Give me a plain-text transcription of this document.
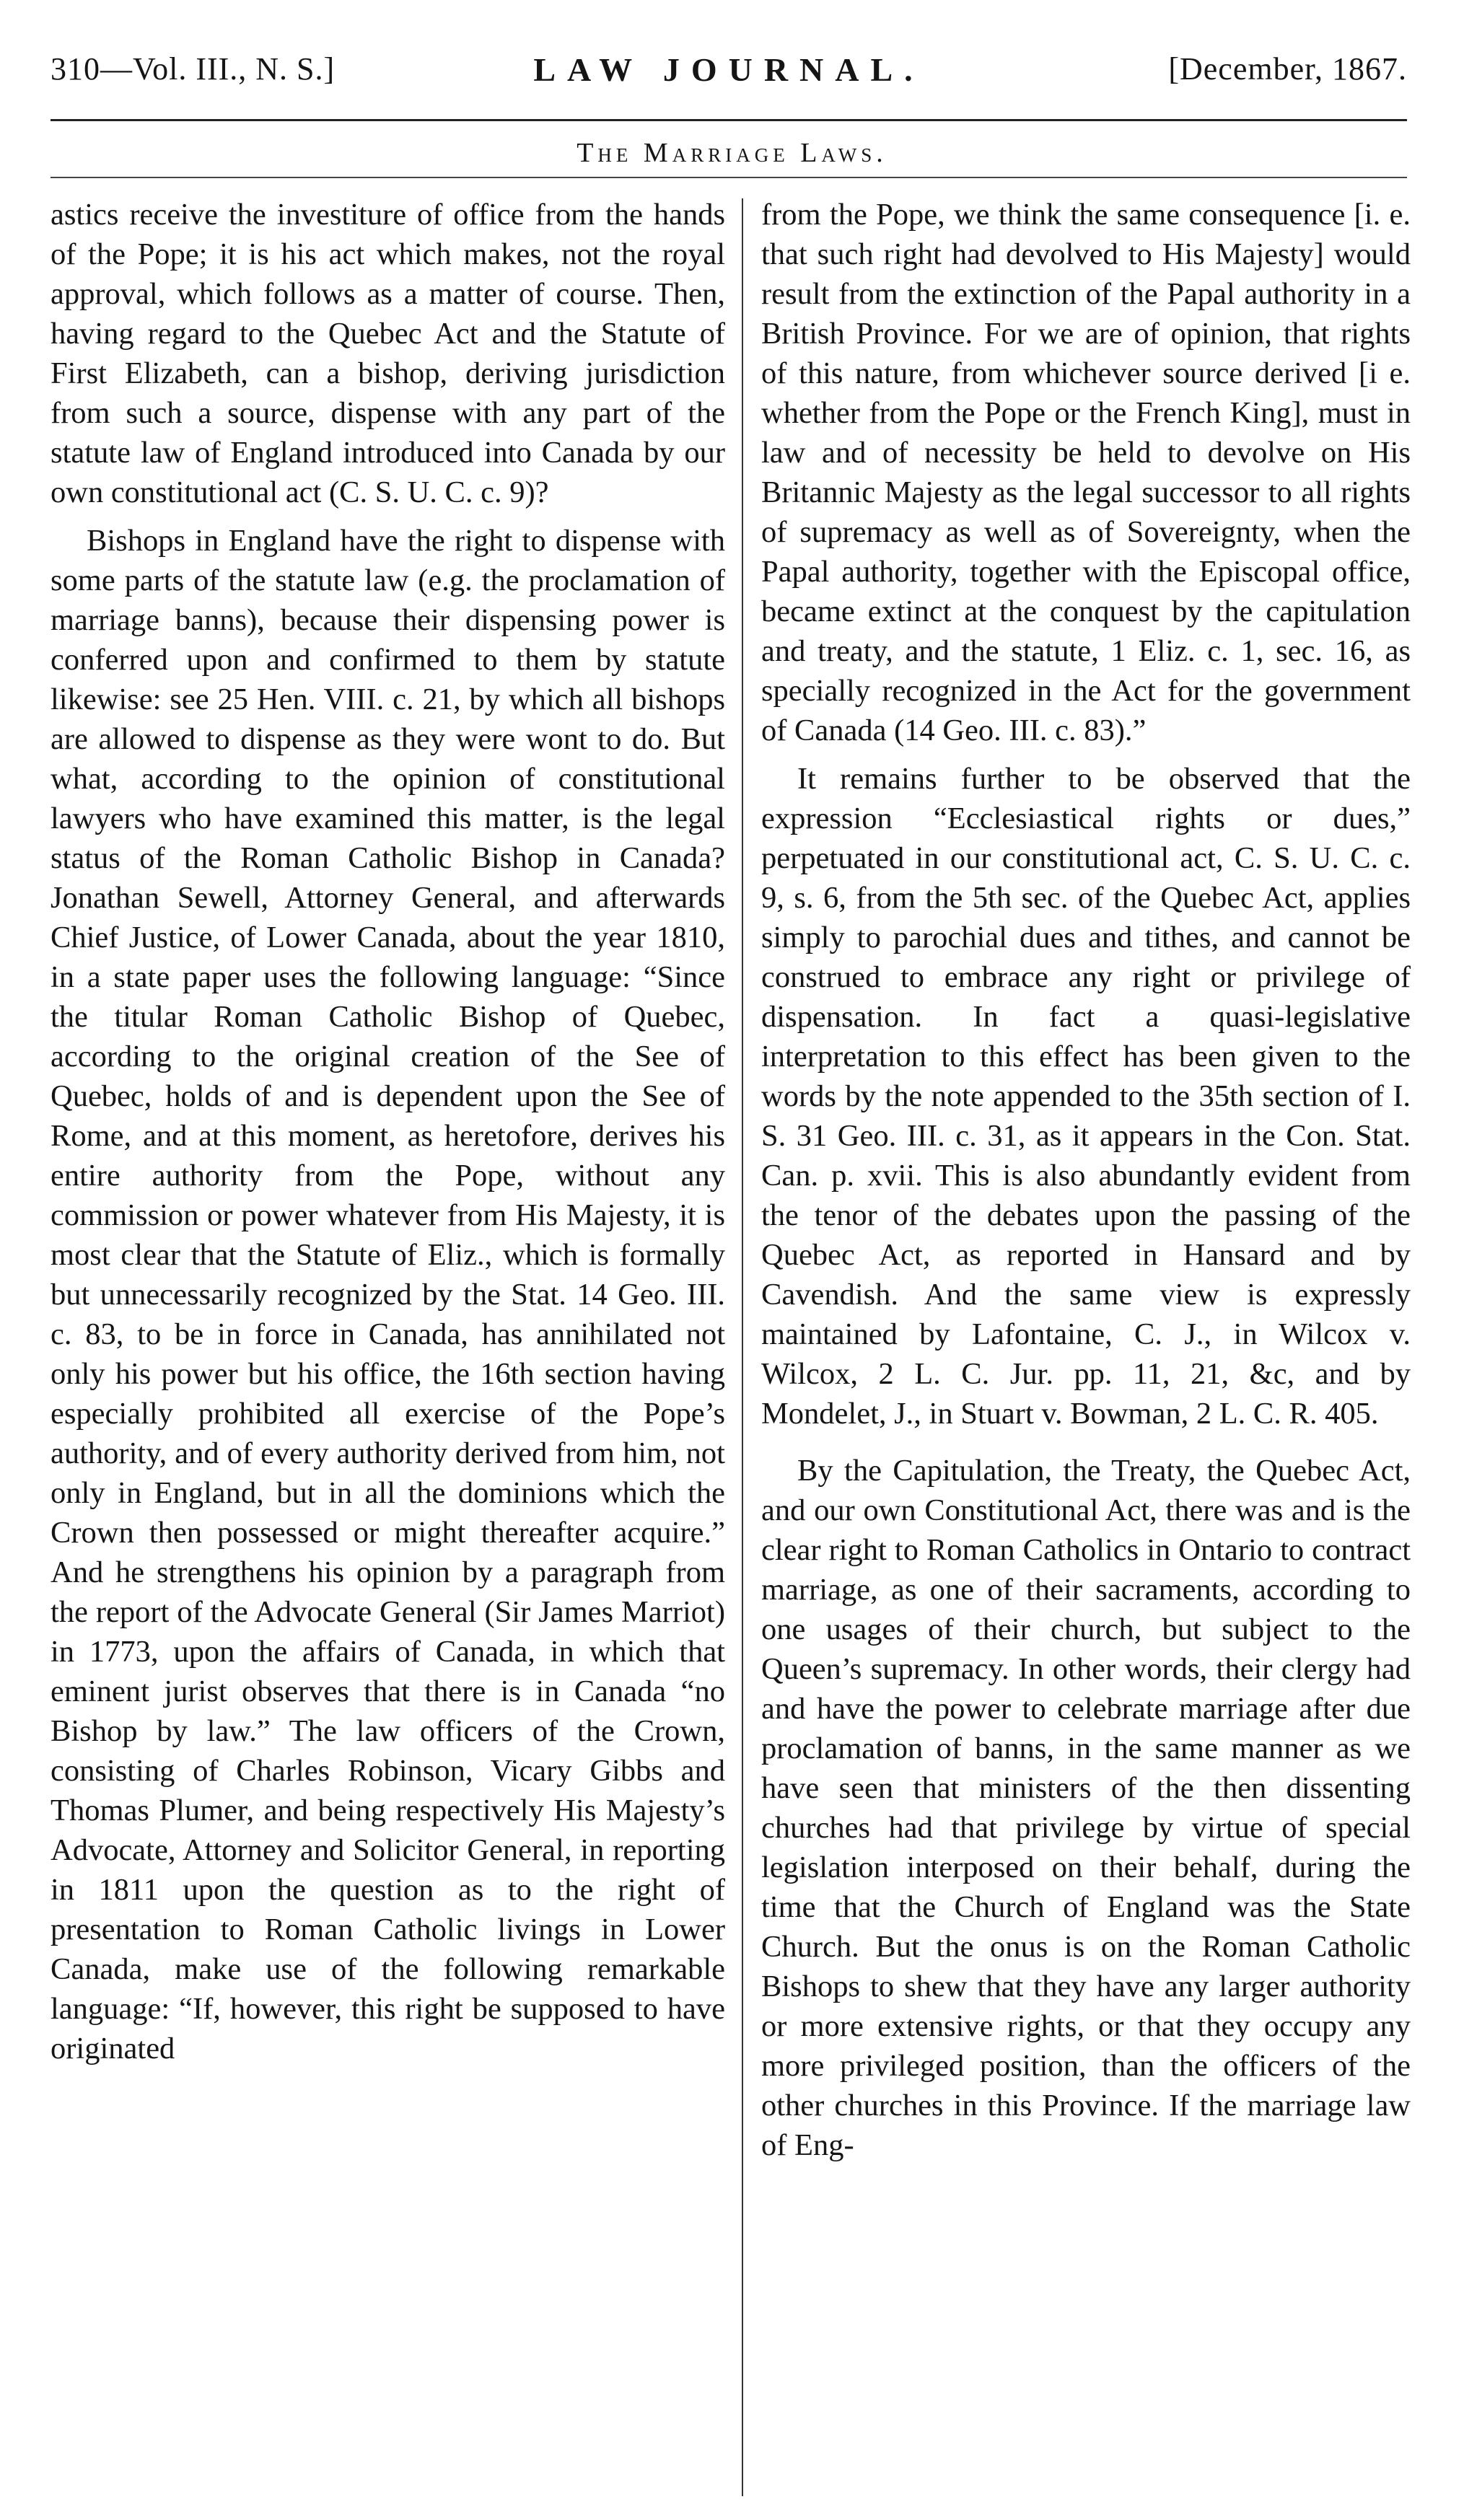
310—Vol. III., N. S.]	LAW JOURNAL.	[December, 1867.
The Marriage Laws.

astics receive the investiture of office from the hands of the Pope; it is his act which makes, not the royal approval, which follows as a matter of course. Then, having regard to the Quebec Act and the Statute of First Elizabeth, can a bishop, deriving jurisdiction from such a source, dispense with any part of the statute law of England introduced into Canada by our own constitutional act (C. S. U. C. c. 9)?

Bishops in England have the right to dispense with some parts of the statute law (e.g. the proclamation of marriage banns), because their dispensing power is conferred upon and confirmed to them by statute likewise: see 25 Hen. VIII. c. 21, by which all bishops are allowed to dispense as they were wont to do. But what, according to the opinion of constitutional lawyers who have examined this matter, is the legal status of the Roman Catholic Bishop in Canada? Jonathan Sewell, Attorney General, and afterwards Chief Justice, of Lower Canada, about the year 1810, in a state paper uses the following language: “Since the titular Roman Catholic Bishop of Quebec, according to the original creation of the See of Quebec, holds of and is dependent upon the See of Rome, and at this moment, as heretofore, derives his entire authority from the Pope, without any commission or power whatever from His Majesty, it is most clear that the Statute of Eliz., which is formally but unnecessarily recognized by the Stat. 14 Geo. III. c. 83, to be in force in Canada, has annihilated not only his power but his office, the 16th section having especially prohibited all exercise of the Pope’s authority, and of every authority derived from him, not only in England, but in all the dominions which the Crown then possessed or might thereafter acquire.” And he strengthens his opinion by a paragraph from the report of the Advocate General (Sir James Marriot) in 1773, upon the affairs of Canada, in which that eminent jurist observes that there is in Canada “no Bishop by law.” The law officers of the Crown, consisting of Charles Robinson, Vicary Gibbs and Thomas Plumer, and being respectively His Majesty’s Advocate, Attorney and Solicitor General, in reporting in 1811 upon the question as to the right of presentation to Roman Catholic livings in Lower Canada, make use of the following remarkable language: “If, however, this right be supposed to have originated

from the Pope, we think the same consequence [i. e. that such right had devolved to His Majesty] would result from the extinction of the Papal authority in a British Province. For we are of opinion, that rights of this nature, from whichever source derived [i e. whether from the Pope or the French King], must in law and of necessity be held to devolve on His Britannic Majesty as the legal successor to all rights of supremacy as well as of Sovereignty, when the Papal authority, together with the Episcopal office, became extinct at the conquest by the capitulation and treaty, and the statute, 1 Eliz. c. 1, sec. 16, as specially recognized in the Act for the government of Canada (14 Geo. III. c. 83).”

It remains further to be observed that the expression “Ecclesiastical rights or dues,” perpetuated in our constitutional act, C. S. U. C. c. 9, s. 6, from the 5th sec. of the Quebec Act, applies simply to parochial dues and tithes, and cannot be construed to embrace any right or privilege of dispensation. In fact a quasi-legislative interpretation to this effect has been given to the words by the note appended to the 35th section of I. S. 31 Geo. III. c. 31, as it appears in the Con. Stat. Can. p. xvii. This is also abundantly evident from the tenor of the debates upon the passing of the Quebec Act, as reported in Hansard and by Cavendish. And the same view is expressly maintained by Lafontaine, C. J., in Wilcox v. Wilcox, 2 L. C. Jur. pp. 11, 21, &c, and by Mondelet, J., in Stuart v. Bowman, 2 L. C. R. 405.

By the Capitulation, the Treaty, the Quebec Act, and our own Constitutional Act, there was and is the clear right to Roman Catholics in Ontario to contract marriage, as one of their sacraments, according to one usages of their church, but subject to the Queen’s supremacy. In other words, their clergy had and have the power to celebrate marriage after due proclamation of banns, in the same manner as we have seen that ministers of the then dissenting churches had that privilege by virtue of special legislation interposed on their behalf, during the time that the Church of England was the State Church. But the onus is on the Roman Catholic Bishops to shew that they have any larger authority or more extensive rights, or that they occupy any more privileged position, than the officers of the other churches in this Province. If the marriage law of Eng-
